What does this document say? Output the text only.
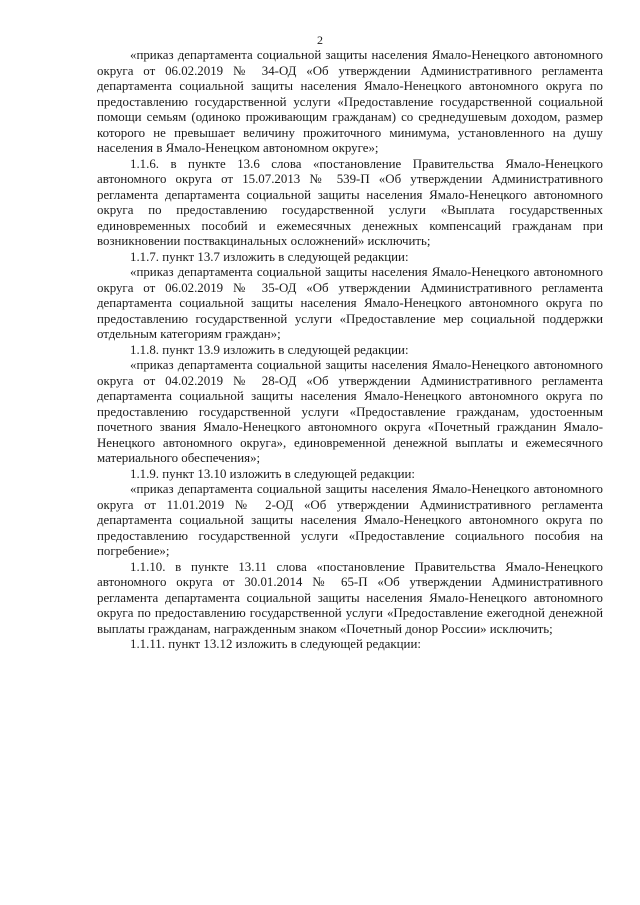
2

«приказ департамента социальной защиты населения Ямало-Ненецкого автономного округа от 06.02.2019 № 34-ОД «Об утверждении Административного регламента департамента социальной защиты населения Ямало-Ненецкого автономного округа по предоставлению государственной услуги «Предоставление государственной социальной помощи семьям (одиноко проживающим гражданам) со среднедушевым доходом, размер которого не превышает величину прожиточного минимума, установленного на душу населения в Ямало-Ненецком автономном округе»;

1.1.6. в пункте 13.6 слова «постановление Правительства Ямало-Ненецкого автономного округа от 15.07.2013 № 539-П «Об утверждении Административного регламента департамента социальной защиты населения Ямало-Ненецкого автономного округа по предоставлению государственной услуги «Выплата государственных единовременных пособий и ежемесячных денежных компенсаций гражданам при возникновении поствакцинальных осложнений» исключить;

1.1.7. пункт 13.7 изложить в следующей редакции:

«приказ департамента социальной защиты населения Ямало-Ненецкого автономного округа от 06.02.2019 № 35-ОД «Об утверждении Административного регламента департамента социальной защиты населения Ямало-Ненецкого автономного округа по предоставлению государственной услуги «Предоставление мер социальной поддержки отдельным категориям граждан»;

1.1.8. пункт 13.9 изложить в следующей редакции:

«приказ департамента социальной защиты населения Ямало-Ненецкого автономного округа от 04.02.2019 № 28-ОД «Об утверждении Административного регламента департамента социальной защиты населения Ямало-Ненецкого автономного округа по предоставлению государственной услуги «Предоставление гражданам, удостоенным почетного звания Ямало-Ненецкого автономного округа «Почетный гражданин Ямало-Ненецкого автономного округа», единовременной денежной выплаты и ежемесячного материального обеспечения»;

1.1.9. пункт 13.10 изложить в следующей редакции:

«приказ департамента социальной защиты населения Ямало-Ненецкого автономного округа от 11.01.2019 № 2-ОД «Об утверждении Административного регламента департамента социальной защиты населения Ямало-Ненецкого автономного округа по предоставлению государственной услуги «Предоставление социального пособия на погребение»;

1.1.10. в пункте 13.11 слова «постановление Правительства Ямало-Ненецкого автономного округа от 30.01.2014 № 65-П «Об утверждении Административного регламента департамента социальной защиты населения Ямало-Ненецкого автономного округа по предоставлению государственной услуги «Предоставление ежегодной денежной выплаты гражданам, награжденным знаком «Почетный донор России» исключить;

1.1.11. пункт 13.12 изложить в следующей редакции:
